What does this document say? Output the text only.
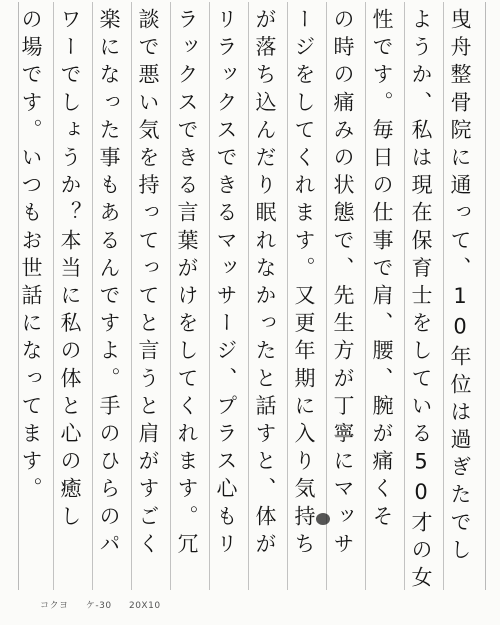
曳舟整骨院に通って、10年位は過ぎたでし
ようか、私は現在保育士をしている50才の女
性です。毎日の仕事で肩、腰、腕が痛くそ
の時の痛みの状態で、先生方が丁寧にマッサ
ージをしてくれます。又更年期に入り気持ち
が落ち込んだり眠れなかったと話すと、体が
リラックスできるマッサージ、プラス心もリ
ラックスできる言葉がけをしてくれます。冗
談で悪い気を持ってってと言うと肩がすごく
楽になった事もあるんですよ。手のひらのパ
ワーでしょうか？本当に私の体と心の癒し
の場です。いつもお世話になってます。
コクヨ ケ-30 20X10
